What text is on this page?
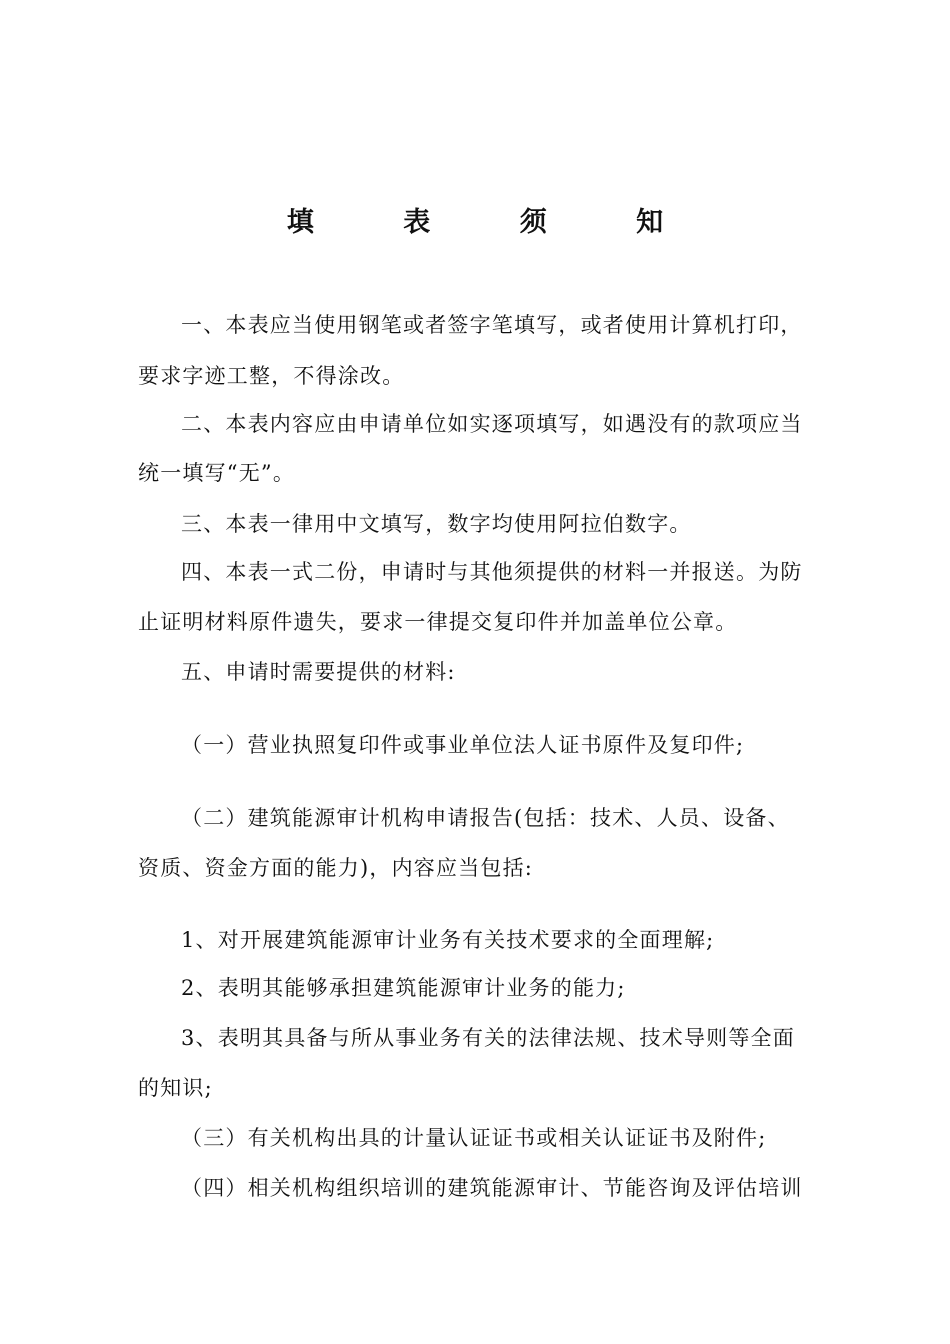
填 表 须 知
一、本表应当使用钢笔或者签字笔填写，或者使用计算机打印，
要求字迹工整，不得涂改。
二、本表内容应由申请单位如实逐项填写，如遇没有的款项应当
统一填写“无”。
三、本表一律用中文填写，数字均使用阿拉伯数字。
四、本表一式二份，申请时与其他须提供的材料一并报送。为防
止证明材料原件遗失，要求一律提交复印件并加盖单位公章。
五、申请时需要提供的材料:
（一）营业执照复印件或事业单位法人证书原件及复印件;
（二）建筑能源审计机构申请报告(包括：技术、人员、设备、
资质、资金方面的能力)，内容应当包括:
1、对开展建筑能源审计业务有关技术要求的全面理解;
2、表明其能够承担建筑能源审计业务的能力;
3、表明其具备与所从事业务有关的法律法规、技术导则等全面
的知识;
（三）有关机构出具的计量认证证书或相关认证证书及附件;
（四）相关机构组织培训的建筑能源审计、节能咨询及评估培训
